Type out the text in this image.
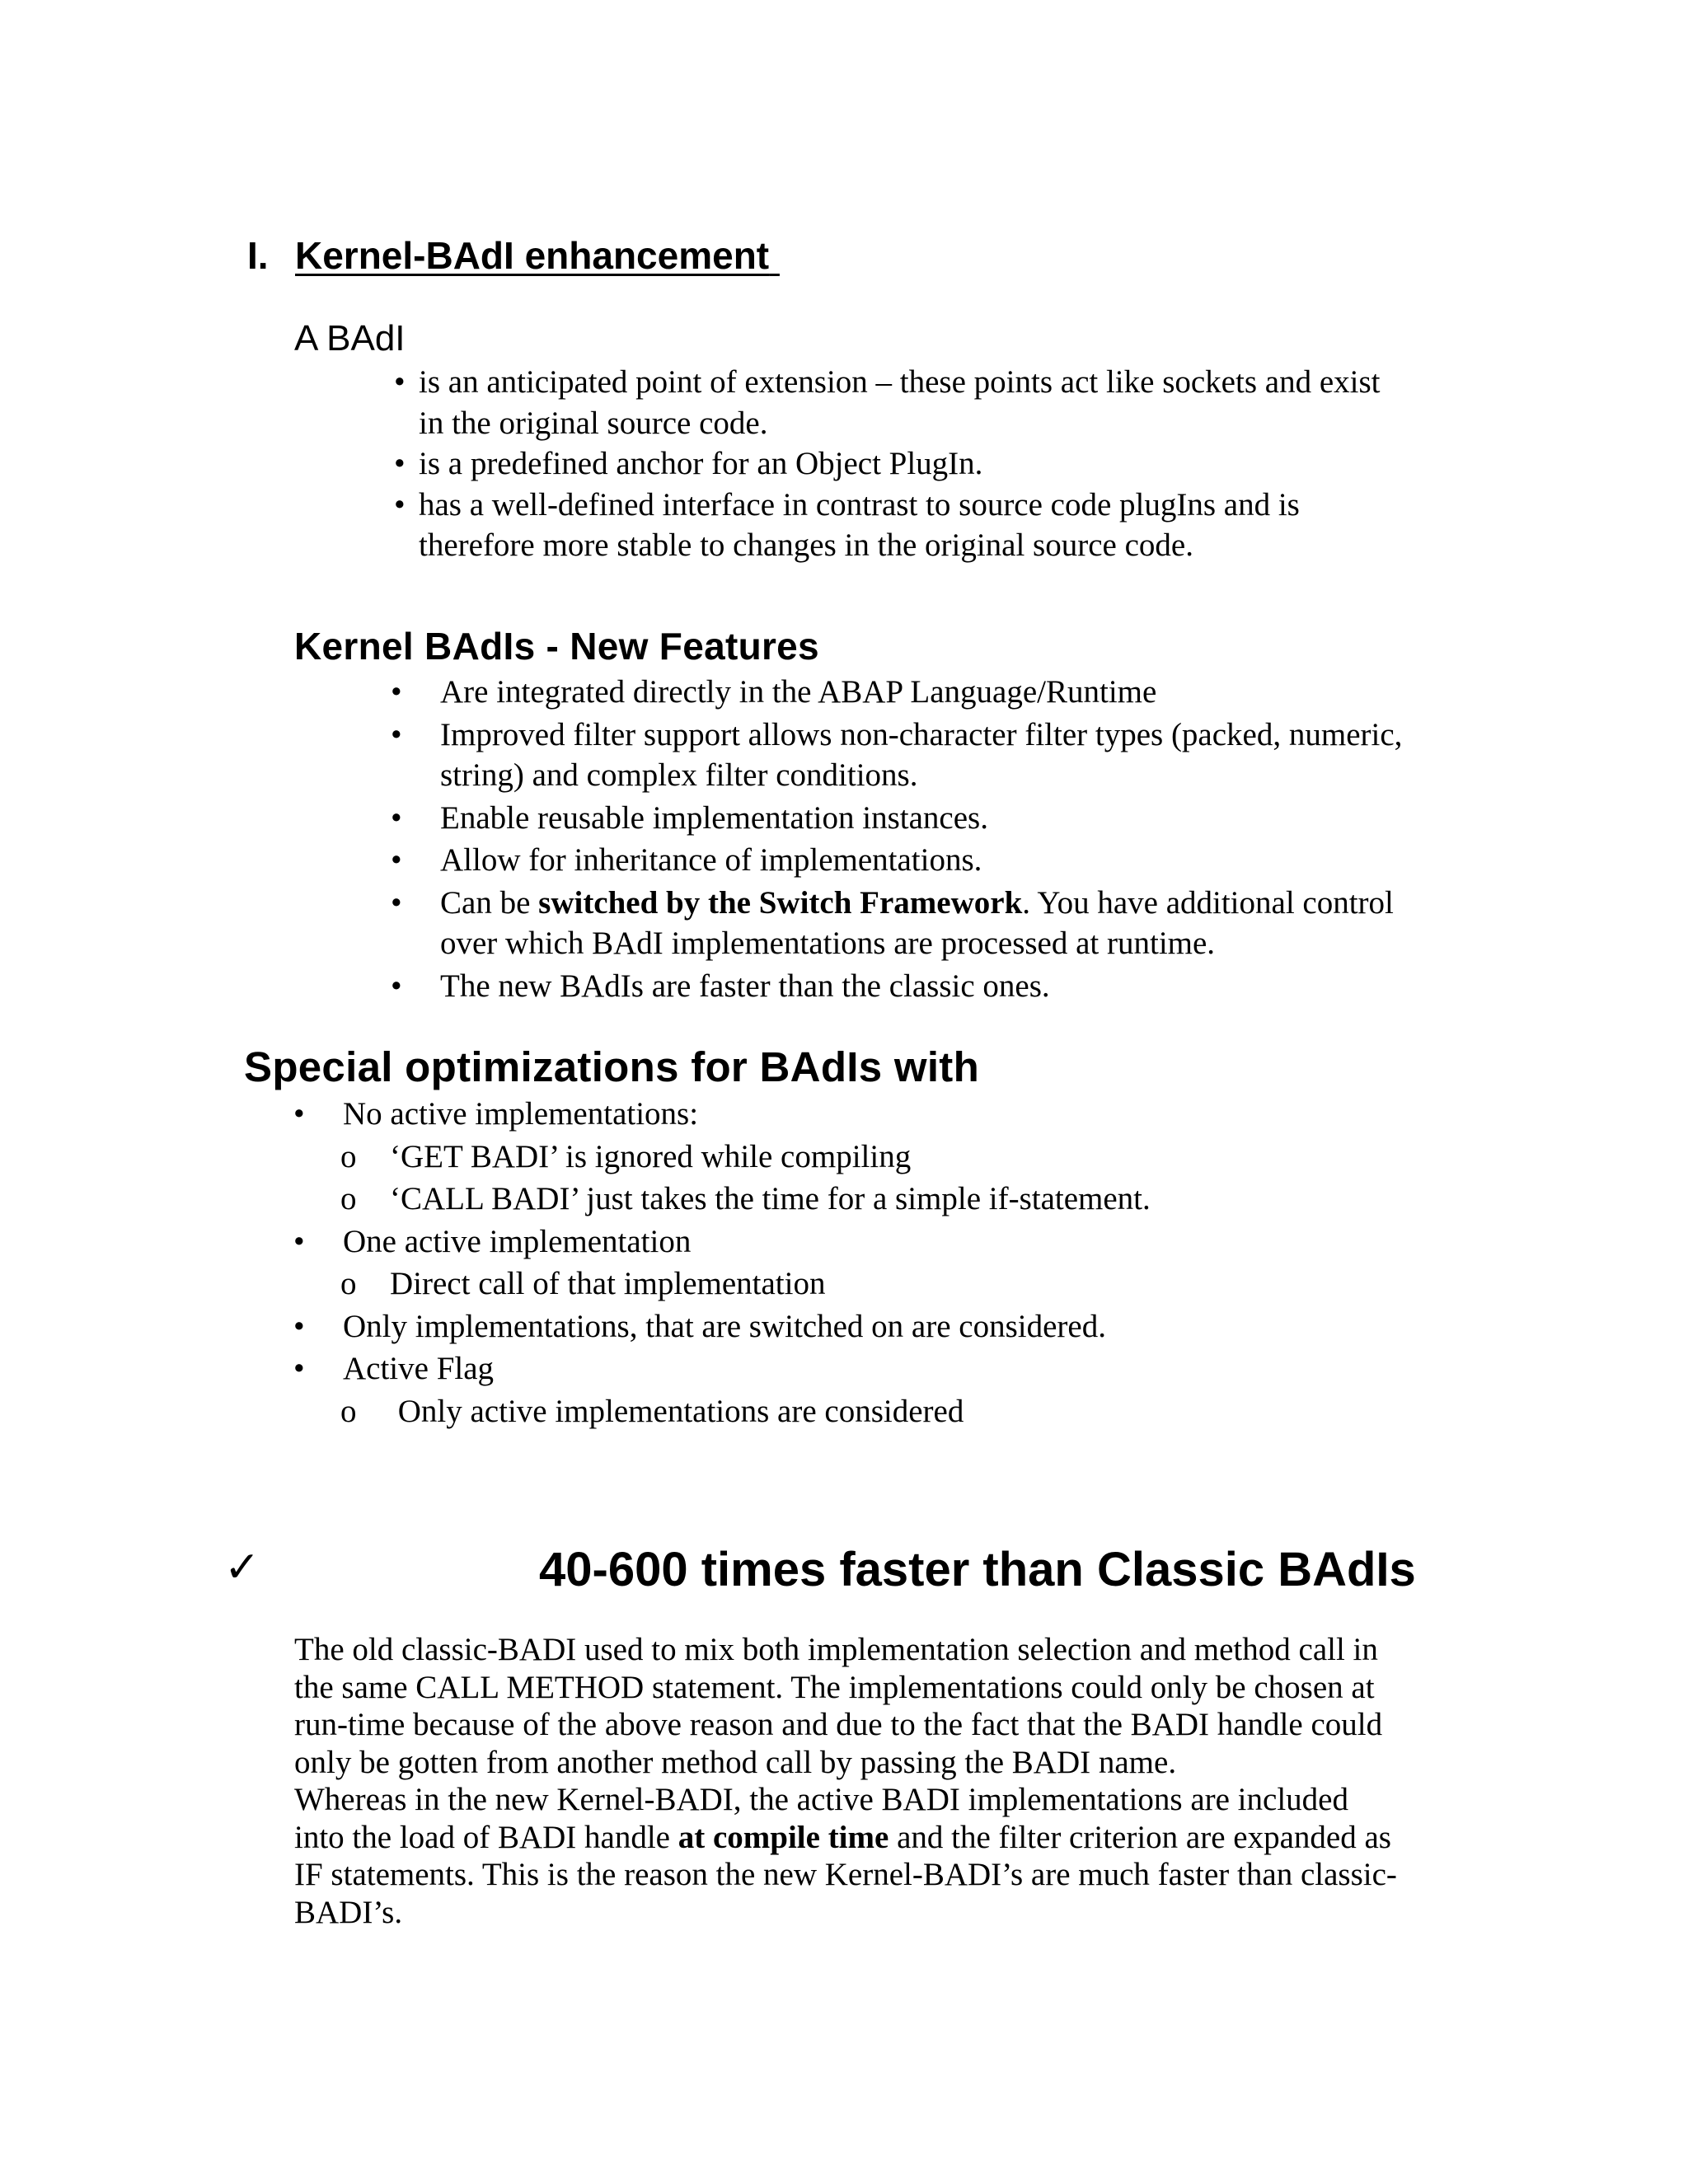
I. Kernel-BAdI enhancement
A BAdI
• is an anticipated point of extension – these points act like sockets and exist
in the original source code.
• is a predefined anchor for an Object PlugIn.
• has a well-defined interface in contrast to source code plugIns and is
therefore more stable to changes in the original source code.
Kernel BAdIs - New Features
• Are integrated directly in the ABAP Language/Runtime
• Improved filter support allows non-character filter types (packed, numeric,
string) and complex filter conditions.
• Enable reusable implementation instances.
• Allow for inheritance of implementations.
• Can be switched by the Switch Framework. You have additional control
over which BAdI implementations are processed at runtime.
• The new BAdIs are faster than the classic ones.
Special optimizations for BAdIs with
• No active implementations:
o ‘GET BADI’ is ignored while compiling
o ‘CALL BADI’ just takes the time for a simple if-statement.
• One active implementation
o Direct call of that implementation
• Only implementations, that are switched on are considered.
• Active Flag
o Only active implementations are considered
✓	40-600 times faster than Classic BAdIs

The old classic-BADI used to mix both implementation selection and method call in

the same CALL METHOD statement. The implementations could only be chosen at

run-time because of the above reason and due to the fact that the BADI handle could

only be gotten from another method call by passing the BADI name.

Whereas in the new Kernel-BADI, the active BADI implementations are included

into the load of BADI handle at compile time and the filter criterion are expanded as

IF statements. This is the reason the new Kernel-BADI’s are much faster than classic-

BADI’s.
